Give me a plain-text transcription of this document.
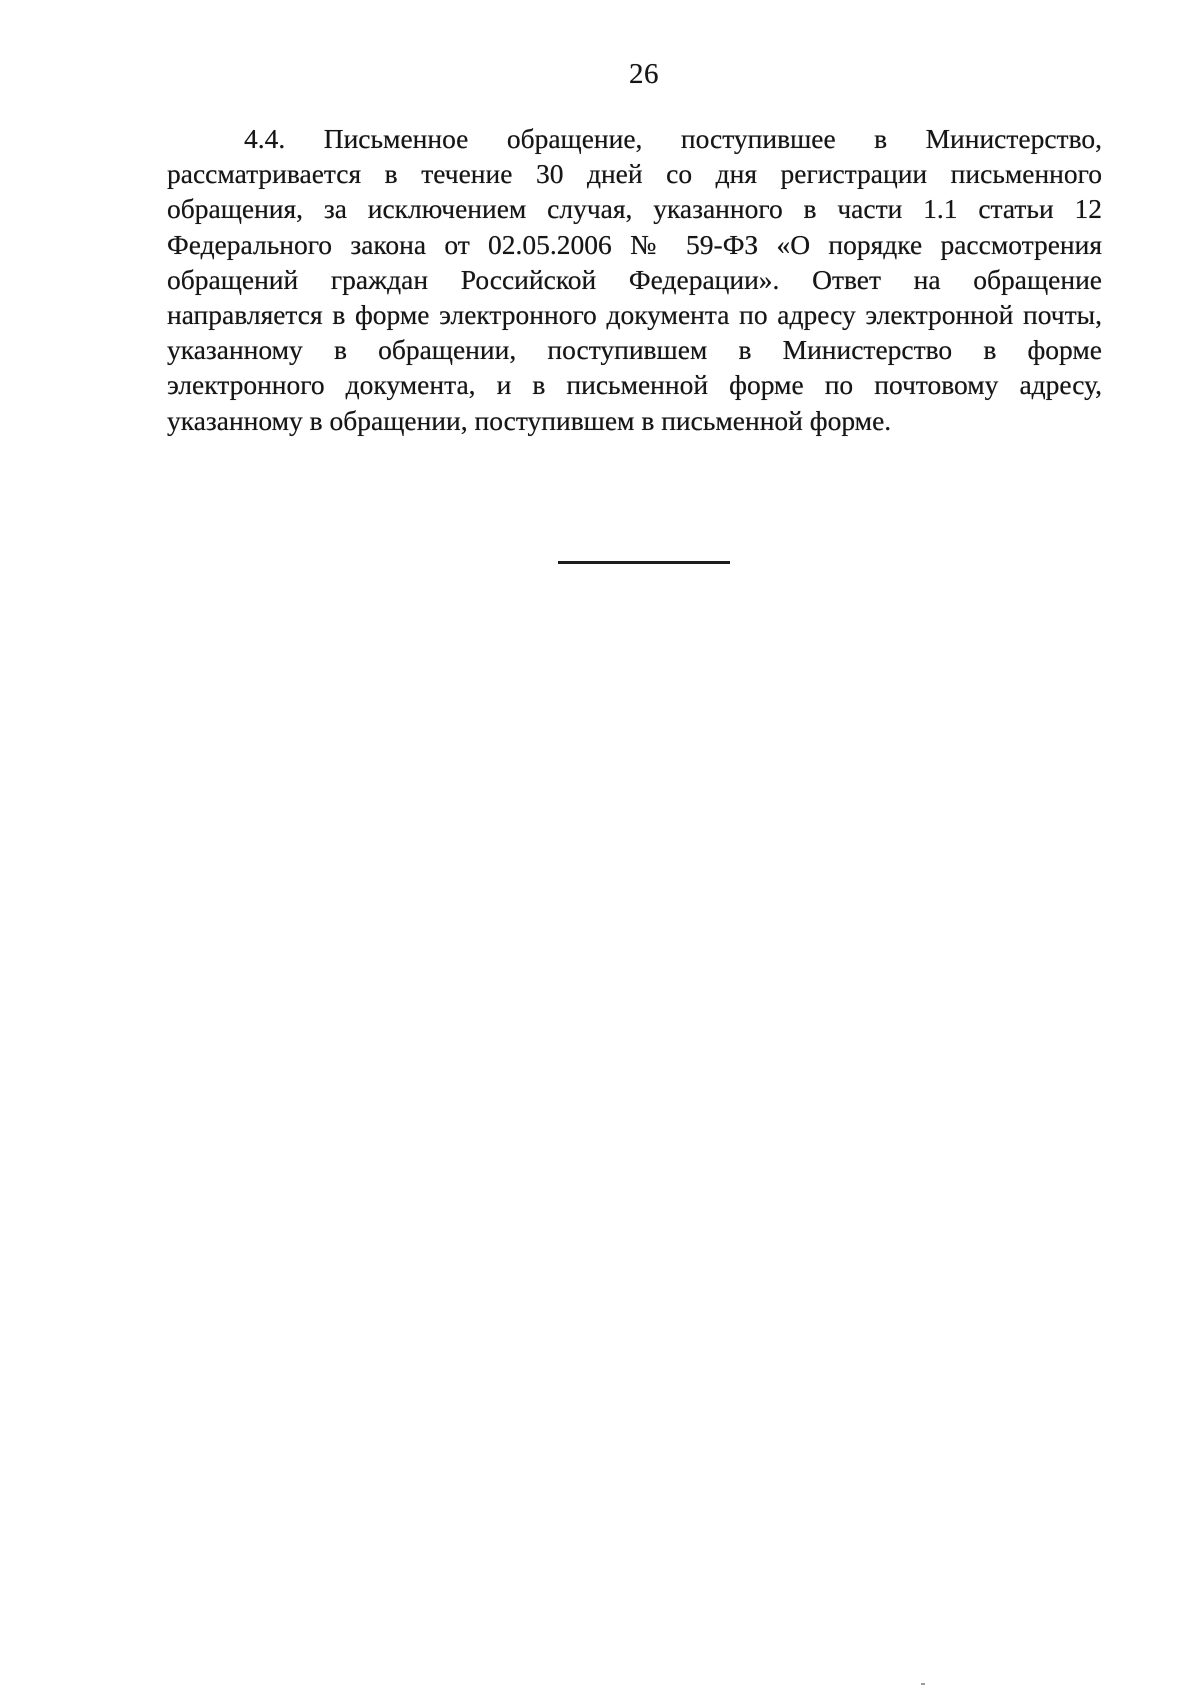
26
4.4. Письменное обращение, поступившее в Министерство,
рассматривается в течение 30 дней со дня регистрации письменного
обращения, за исключением случая, указанного в части 1.1 статьи 12
Федерального закона от 02.05.2006 № 59-ФЗ «О порядке рассмотрения
обращений граждан Российской Федерации». Ответ на обращение
направляется в форме электронного документа по адресу электронной почты,
указанному в обращении, поступившем в Министерство в форме
электронного документа, и в письменной форме по почтовому адресу,
указанному в обращении, поступившем в письменной форме.
